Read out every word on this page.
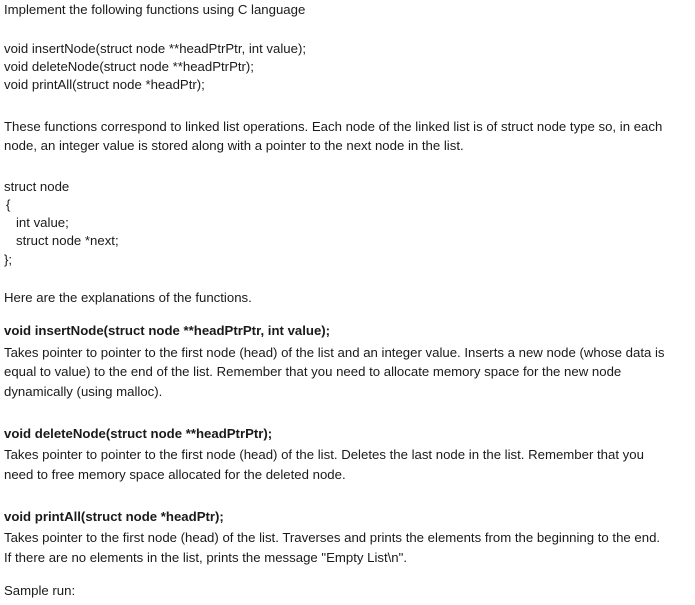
Implement the following functions using C language
void insertNode(struct node **headPtrPtr, int value);
void deleteNode(struct node **headPtrPtr);
void printAll(struct node *headPtr);
These functions correspond to linked list operations. Each node of the linked list is of struct node type so, in each
node, an integer value is stored along with a pointer to the next node in the list.
struct node
{
int value;
struct node *next;
};
Here are the explanations of the functions.
void insertNode(struct node **headPtrPtr, int value);
Takes pointer to pointer to the first node (head) of the list and an integer value. Inserts a new node (whose data is
equal to value) to the end of the list. Remember that you need to allocate memory space for the new node
dynamically (using malloc).
void deleteNode(struct node **headPtrPtr);
Takes pointer to pointer to the first node (head) of the list. Deletes the last node in the list. Remember that you
need to free memory space allocated for the deleted node.
void printAll(struct node *headPtr);
Takes pointer to the first node (head) of the list. Traverses and prints the elements from the beginning to the end.
If there are no elements in the list, prints the message "Empty List\n".
Sample run:
